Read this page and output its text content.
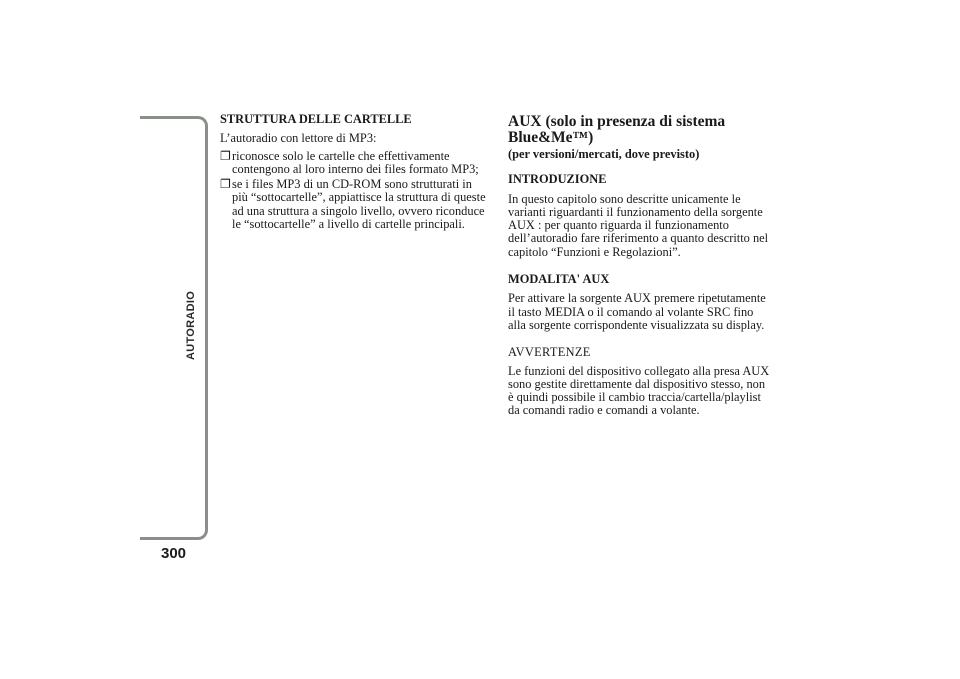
AUTORADIO
300
STRUTTURA DELLE CARTELLE

L’autoradio con lettore di MP3:

❐ riconosce solo le cartelle che effettivamente contengono al loro interno dei files formato MP3;
❐ se i files MP3 di un CD-ROM sono strutturati in più “sottocartelle”, appiattisce la struttura di queste ad una struttura a singolo livello, ovvero riconduce le “sottocartelle” a livello di cartelle principali.
AUX (solo in presenza di sistema Blue&Me™)
(per versioni/mercati, dove previsto)
INTRODUZIONE

In questo capitolo sono descritte unicamente le varianti riguardanti il funzionamento della sorgente AUX : per quanto riguarda il funzionamento dell’autoradio fare riferimento a quanto descritto nel capitolo “Funzioni e Regolazioni”.

MODALITA' AUX

Per attivare la sorgente AUX premere ripetutamente il tasto MEDIA o il comando al volante SRC fino alla sorgente corrispondente visualizzata su display.

AVVERTENZE

Le funzioni del dispositivo collegato alla presa AUX sono gestite direttamente dal dispositivo stesso, non è quindi possibile il cambio traccia/cartella/playlist da comandi radio e comandi a volante.
